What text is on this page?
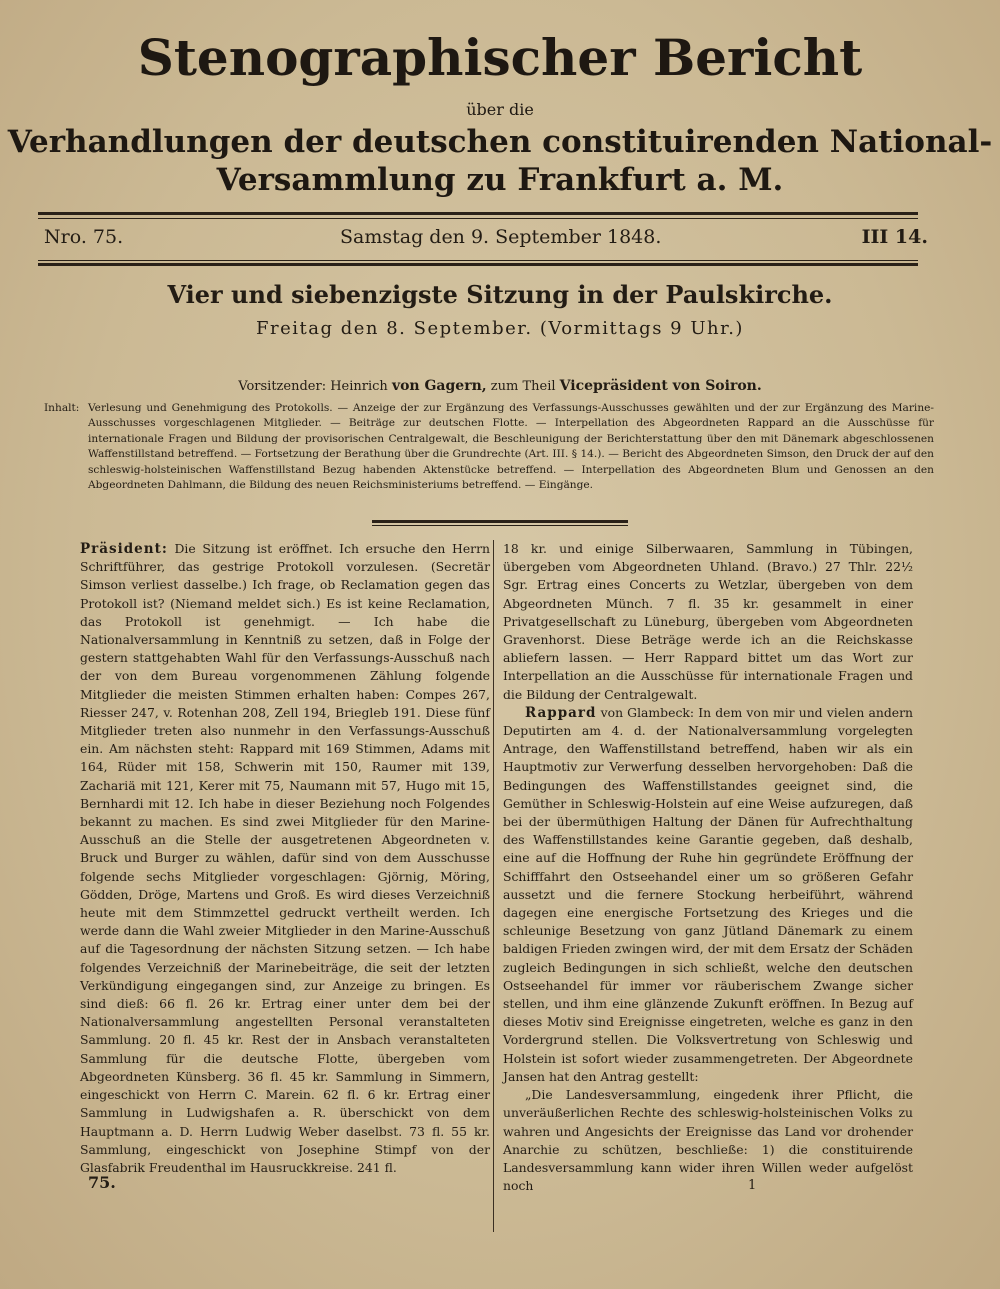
Stenographischer Bericht
über die
Verhandlungen der deutschen constituirenden National-
Versammlung zu Frankfurt a. M.
Nro. 75.	Samstag den 9. September 1848.	III 14.
Vier und siebenzigste Sitzung in der Paulskirche.
Freitag den 8. September. (Vormittags 9 Uhr.)
Vorsitzender: Heinrich von Gagern, zum Theil Vicepräsident von Soiron.
Inhalt: Verlesung und Genehmigung des Protokolls. — Anzeige der zur Ergänzung des Verfassungs-Ausschusses gewählten und der zur Ergänzung des Marine-Ausschusses vorgeschlagenen Mitglieder. — Beiträge zur deutschen Flotte. — Interpellation des Abgeordneten Rappard an die Ausschüsse für internationale Fragen und Bildung der provisorischen Centralgewalt, die Beschleunigung der Berichterstattung über den mit Dänemark abgeschlossenen Waffenstillstand betreffend. — Fortsetzung der Berathung über die Grundrechte (Art. III. § 14.). — Bericht des Abgeordneten Simson, den Druck der auf den schleswig-holsteinischen Waffenstillstand Bezug habenden Aktenstücke betreffend. — Interpellation des Abgeordneten Blum und Genossen an den Abgeordneten Dahlmann, die Bildung des neuen Reichsministeriums betreffend. — Eingänge.

Präsident: Die Sitzung ist eröffnet. Ich ersuche den Herrn Schriftführer, das gestrige Protokoll vorzulesen. (Secretär Simson verliest dasselbe.) Ich frage, ob Reclamation gegen das Protokoll ist? (Niemand meldet sich.) Es ist keine Reclamation, das Protokoll ist genehmigt. — Ich habe die Nationalversammlung in Kenntniß zu setzen, daß in Folge der gestern stattgehabten Wahl für den Verfassungs-Ausschuß nach der von dem Bureau vorgenommenen Zählung folgende Mitglieder die meisten Stimmen erhalten haben: Compes 267, Riesser 247, v. Rotenhan 208, Zell 194, Briegleb 191. Diese fünf Mitglieder treten also nunmehr in den Verfassungs-Ausschuß ein. Am nächsten steht: Rappard mit 169 Stimmen, Adams mit 164, Rüder mit 158, Schwerin mit 150, Raumer mit 139, Zachariä mit 121, Kerer mit 75, Naumann mit 57, Hugo mit 15, Bernhardi mit 12. Ich habe in dieser Beziehung noch Folgendes bekannt zu machen. Es sind zwei Mitglieder für den Marine-Ausschuß an die Stelle der ausgetretenen Abgeordneten v. Bruck und Burger zu wählen, dafür sind von dem Ausschusse folgende sechs Mitglieder vorgeschlagen: Gjörnig, Möring, Gödden, Dröge, Martens und Groß. Es wird dieses Verzeichniß heute mit dem Stimmzettel gedruckt vertheilt werden. Ich werde dann die Wahl zweier Mitglieder in den Marine-Ausschuß auf die Tagesordnung der nächsten Sitzung setzen. — Ich habe folgendes Verzeichniß der Marinebeiträge, die seit der letzten Verkündigung eingegangen sind, zur Anzeige zu bringen. Es sind dieß: 66 fl. 26 kr. Ertrag einer unter dem bei der Nationalversammlung angestellten Personal veranstalteten Sammlung. 20 fl. 45 kr. Rest der in Ansbach veranstalteten Sammlung für die deutsche Flotte, übergeben vom Abgeordneten Künsberg. 36 fl. 45 kr. Sammlung in Simmern, eingeschickt von Herrn C. Marein. 62 fl. 6 kr. Ertrag einer Sammlung in Ludwigshafen a. R. überschickt von dem Hauptmann a. D. Herrn Ludwig Weber daselbst. 73 fl. 55 kr. Sammlung, eingeschickt von Josephine Stimpf von der Glasfabrik Freudenthal im Hausruckkreise. 241 fl.

18 kr. und einige Silberwaaren, Sammlung in Tübingen, übergeben vom Abgeordneten Uhland. (Bravo.) 27 Thlr. 22½ Sgr. Ertrag eines Concerts zu Wetzlar, übergeben von dem Abgeordneten Münch. 7 fl. 35 kr. gesammelt in einer Privatgesellschaft zu Lüneburg, übergeben vom Abgeordneten Gravenhorst. Diese Beträge werde ich an die Reichskasse abliefern lassen. — Herr Rappard bittet um das Wort zur Interpellation an die Ausschüsse für internationale Fragen und die Bildung der Centralgewalt.

Rappard von Glambeck: In dem von mir und vielen andern Deputirten am 4. d. der Nationalversammlung vorgelegten Antrage, den Waffenstillstand betreffend, haben wir als ein Hauptmotiv zur Verwerfung desselben hervorgehoben: Daß die Bedingungen des Waffenstillstandes geeignet sind, die Gemüther in Schleswig-Holstein auf eine Weise aufzuregen, daß bei der übermüthigen Haltung der Dänen für Aufrechthaltung des Waffenstillstandes keine Garantie gegeben, daß deshalb, eine auf die Hoffnung der Ruhe hin gegründete Eröffnung der Schifffahrt den Ostseehandel einer um so größeren Gefahr aussetzt und die fernere Stockung herbeiführt, während dagegen eine energische Fortsetzung des Krieges und die schleunige Besetzung von ganz Jütland Dänemark zu einem baldigen Frieden zwingen wird, der mit dem Ersatz der Schäden zugleich Bedingungen in sich schließt, welche den deutschen Ostseehandel für immer vor räuberischem Zwange sicher stellen, und ihm eine glänzende Zukunft eröffnen. In Bezug auf dieses Motiv sind Ereignisse eingetreten, welche es ganz in den Vordergrund stellen. Die Volksvertretung von Schleswig und Holstein ist sofort wieder zusammengetreten. Der Abgeordnete Jansen hat den Antrag gestellt:

„Die Landesversammlung, eingedenk ihrer Pflicht, die unveräußerlichen Rechte des schleswig-holsteinischen Volks zu wahren und Angesichts der Ereignisse das Land vor drohender Anarchie zu schützen, beschließe: 1) die constituirende Landesversammlung kann wider ihren Willen weder aufgelöst noch

75.	1
